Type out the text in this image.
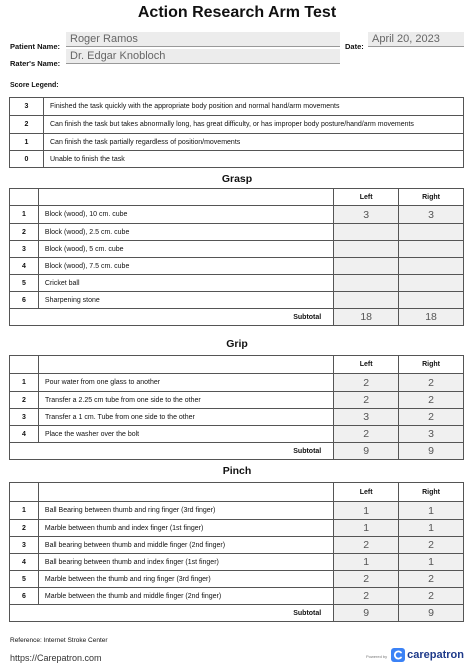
Action Research Arm Test
Patient Name:
Roger Ramos
Date:
April 20, 2023
Rater's Name:
Dr. Edgar Knobloch
Score Legend:
3	Finished the task quickly with the appropriate body position and normal hand/arm movements
2	Can finish the task but takes abnormally long, has great difficulty, or has improper body posture/hand/arm movements
1	Can finish the task partially regardless of position/movements
0	Unable to finish the task
Grasp
		Left	Right
1	Block (wood), 10 cm. cube	3	3
2	Block (wood), 2.5 cm. cube		
3	Block (wood), 5 cm. cube		
4	Block (wood), 7.5 cm. cube		
5	Cricket ball		
6	Sharpening stone		
Subtotal		18	18
Grip
		Left	Right
1	Pour water from one glass to another	2	2
2	Transfer a 2.25 cm tube from one side to the other	2	2
3	Transfer a 1 cm. Tube from one side to the other	3	2
4	Place the washer over the bolt	2	3
Subtotal		9	9
Pinch
		Left	Right
1	Ball Bearing between thumb and ring finger (3rd finger)	1	1
2	Marble between thumb and index finger (1st finger)	1	1
3	Ball bearing between thumb and middle finger (2nd finger)	2	2
4	Ball bearing between thumb and index finger (1st finger)	1	1
5	Marble between the thumb and ring finger (3rd finger)	2	2
6	Marble between the thumb and middle finger (2nd finger)	2	2
Subtotal		9	9
Reference: Internet Stroke Center
https://Carepatron.com	Powered by carepatron
